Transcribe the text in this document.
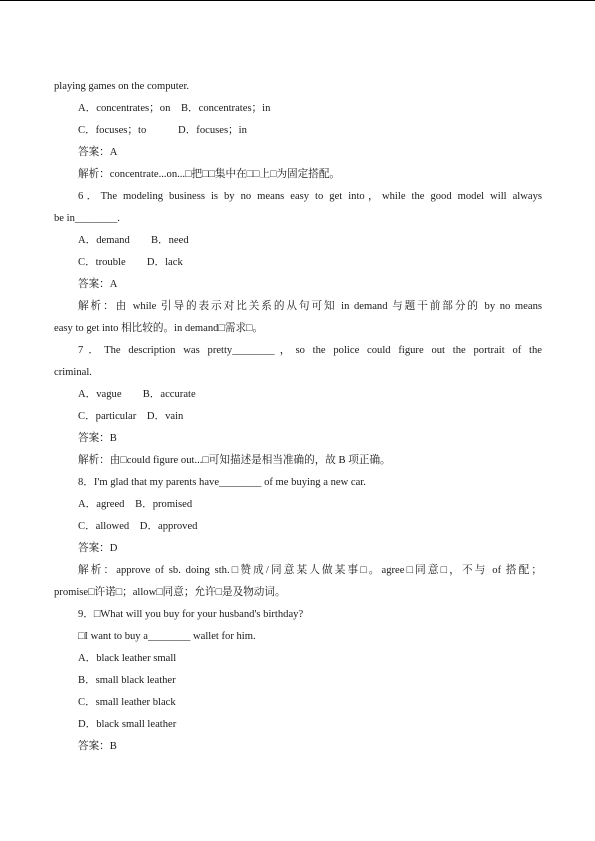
playing games on the computer.
A．concentrates；on　B．concentrates；in
C．focuses；to　　　D．focuses；in
答案：A
解析：concentrate...on...□把□□集中在□□上□为固定搭配。
6．The modeling business is by no means easy to get into，while the good model will always
be in________.
A．demand　　B．need
C．trouble　　D．lack
答案：A
解析：由 while 引导的表示对比关系的从句可知 in demand 与题干前部分的 by no means
easy to get into 相比较的。in demand□需求□。
7．The description was pretty________，so the police could figure out the portrait of the
criminal.
A．vague　　B．accurate
C．particular　D．vain
答案：B
解析：由□could figure out...□可知描述是相当准确的，故 B 项正确。
8．I'm glad that my parents have________ of me buying a new car.
A．agreed　B．promised
C．allowed　D．approved
答案：D
解析：approve of sb. doing sth.□赞成/同意某人做某事□。agree□同意□，不与 of 搭配；
promise□许诺□；allow□同意；允许□是及物动词。
9．□What will you buy for your husband's birthday?
□I want to buy a________ wallet for him.
A．black leather small
B．small black leather
C．small leather black
D．black small leather
答案：B
